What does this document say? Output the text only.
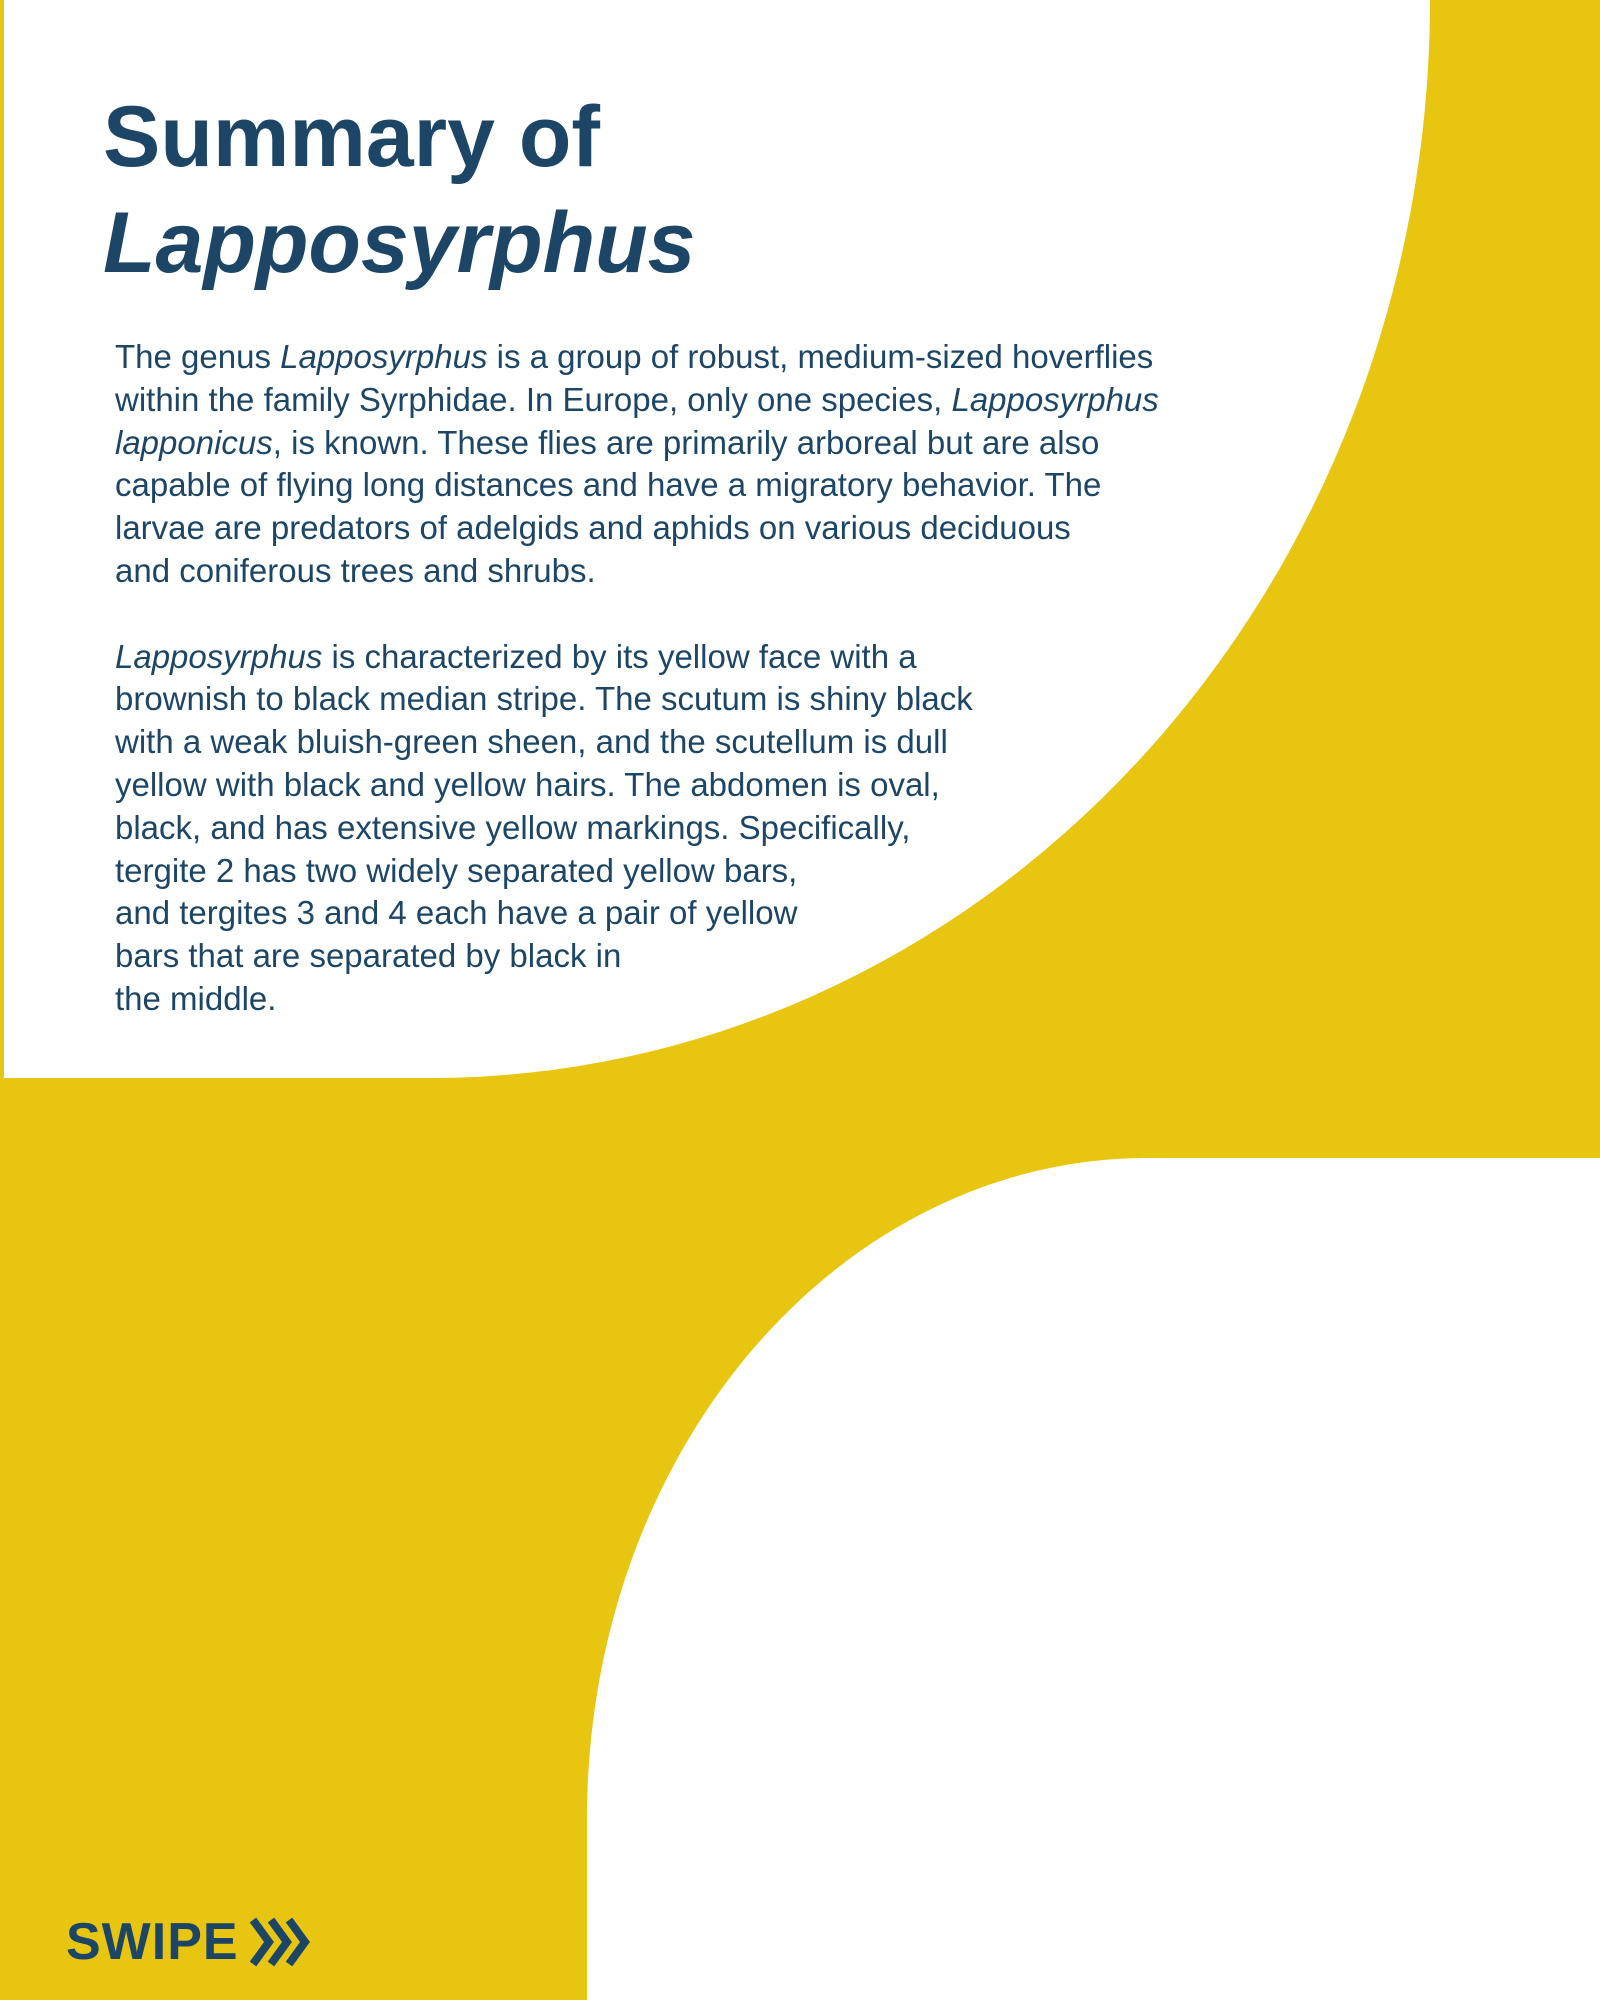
Summary of
Lapposyrphus

The genus Lapposyrphus is a group of robust, medium-sized hoverflies
within the family Syrphidae. In Europe, only one species, Lapposyrphus
lapponicus, is known. These flies are primarily arboreal but are also
capable of flying long distances and have a migratory behavior. The
larvae are predators of adelgids and aphids on various deciduous
and coniferous trees and shrubs.

Lapposyrphus is characterized by its yellow face with a
brownish to black median stripe. The scutum is shiny black
with a weak bluish-green sheen, and the scutellum is dull
yellow with black and yellow hairs. The abdomen is oval,
black, and has extensive yellow markings. Specifically,
tergite 2 has two widely separated yellow bars,
and tergites 3 and 4 each have a pair of yellow
bars that are separated by black in
the middle.

SWIPE
